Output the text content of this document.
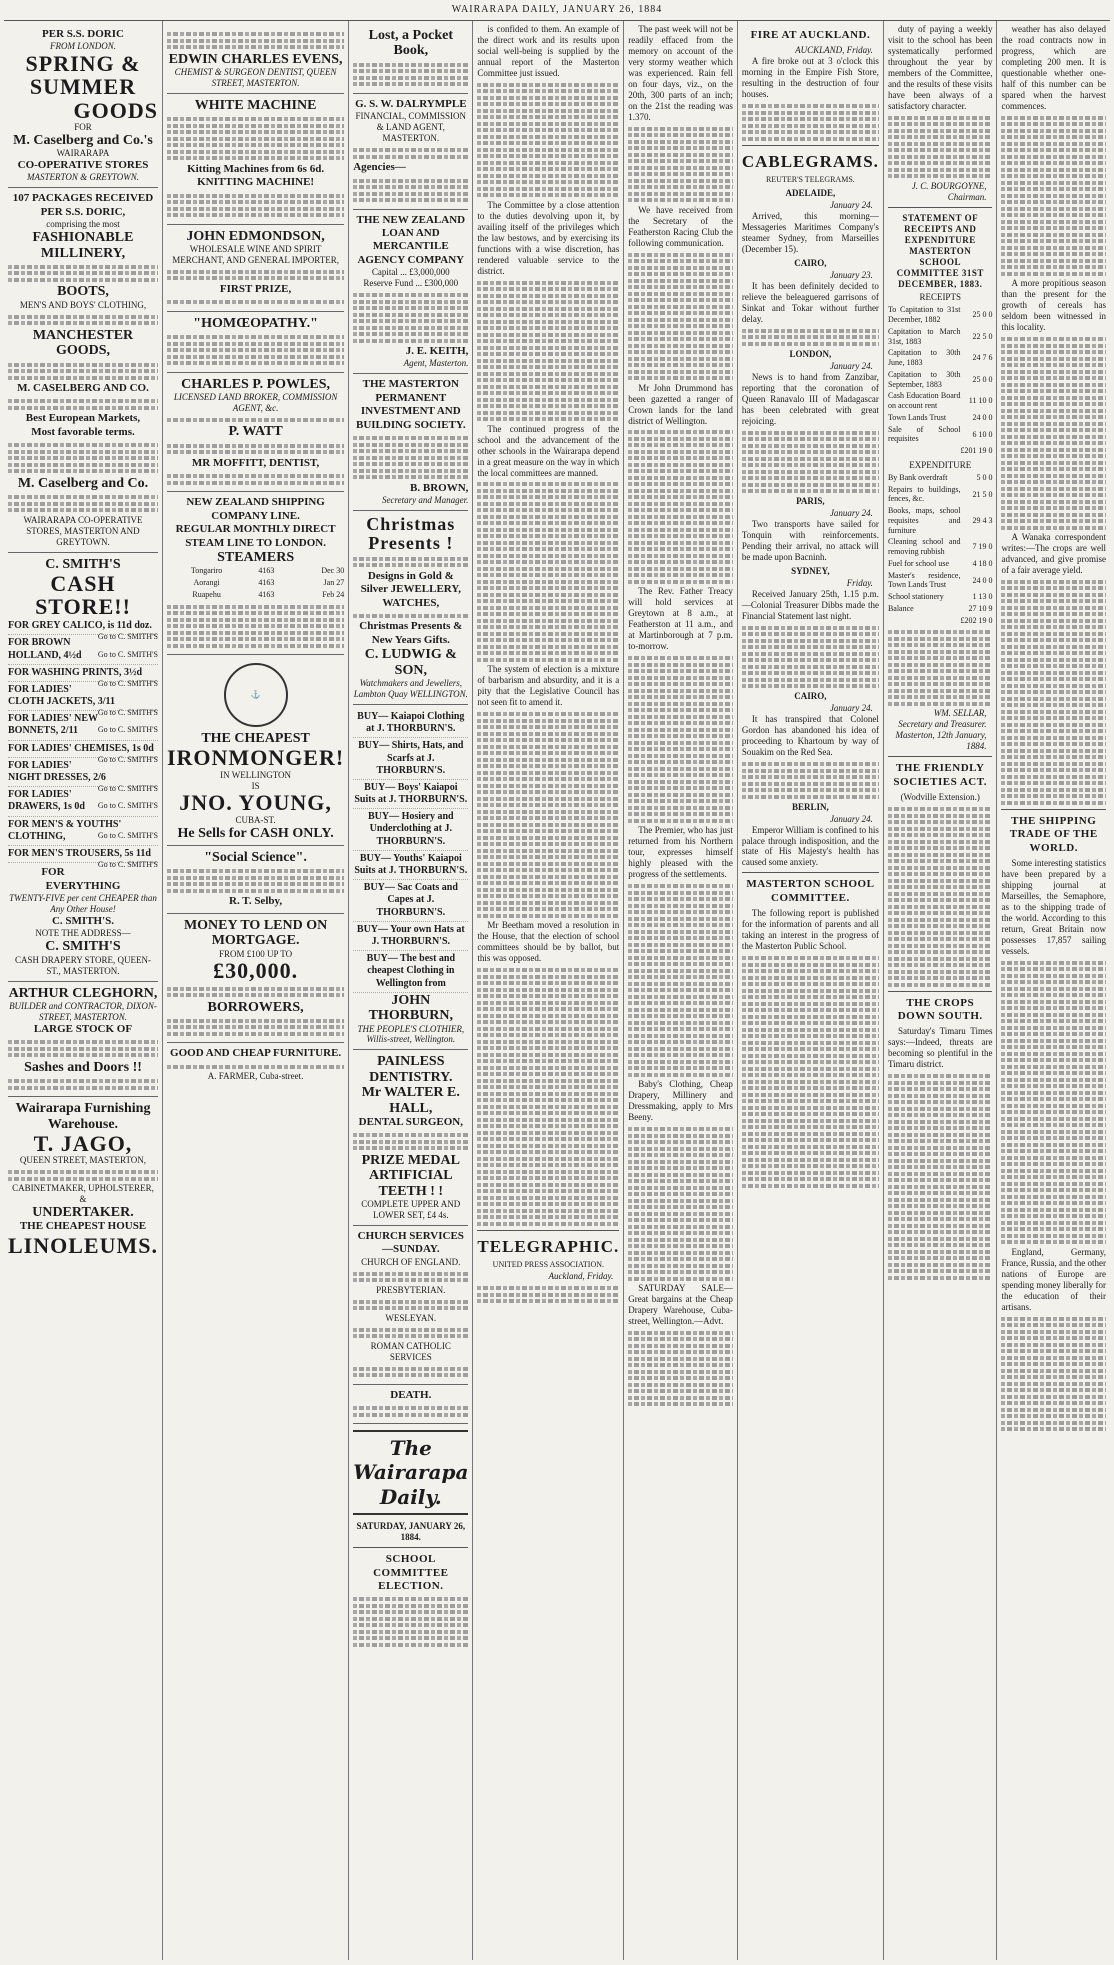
WAIRARAPA DAILY, JANUARY 26, 1884

PER S.S. DORIC

FROM LONDON.

SPRING &

SUMMER

GOODS

FOR

M. Caselberg and Co.'s

WAIRARAPA

CO-OPERATIVE STORES

MASTERTON & GREYTOWN.

107 PACKAGES RECEIVED PER S.S. DORIC,

comprising the most

FASHIONABLE MILLINERY,

BOOTS,

MEN'S AND BOYS' CLOTHING,

MANCHESTER GOODS,

M. CASELBERG AND CO.

Best European Markets,

Most favorable terms.

M. Caselberg and Co.

WAIRARAPA CO-OPERATIVE STORES, MASTERTON AND GREYTOWN.

C. SMITH'S

CASH STORE!!

FOR GREY CALICO, is 11d doz.
Go to C. SMITH'S
FOR BROWN HOLLAND, 4½d Go to C. SMITH'S
FOR WASHING PRINTS, 3½d
Go to C. SMITH'S
FOR LADIES' CLOTH JACKETS, 3/11
Go to C. SMITH'S
FOR LADIES' NEW BONNETS, 2/11 Go to C. SMITH'S
FOR LADIES' CHEMISES, 1s 0d
Go to C. SMITH'S
FOR LADIES' NIGHT DRESSES, 2/6
Go to C. SMITH'S
FOR LADIES' DRAWERS, 1s 0d Go to C. SMITH'S
FOR MEN'S & YOUTHS' CLOTHING,	Go to C. SMITH'S
FOR MEN'S TROUSERS, 5s 11d
Go to C. SMITH'S

FOR EVERYTHING

TWENTY-FIVE per cent CHEAPER than Any Other House!

C. SMITH'S.

NOTE THE ADDRESS—

C. SMITH'S

CASH DRAPERY STORE, QUEEN-ST., MASTERTON.

ARTHUR CLEGHORN,

BUILDER and CONTRACTOR, DIXON-STREET, MASTERTON.

LARGE STOCK OF

Sashes and Doors !!

Wairarapa Furnishing Warehouse.

T. JAGO,

QUEEN STREET, MASTERTON,

CABINETMAKER, UPHOLSTERER, &

UNDERTAKER.

THE CHEAPEST HOUSE

LINOLEUMS.

EDWIN CHARLES EVENS,

CHEMIST & SURGEON DENTIST, QUEEN STREET, MASTERTON.

WHITE MACHINE

Kitting Machines from 6s 6d.

KNITTING MACHINE!

JOHN EDMONDSON,

WHOLESALE WINE AND SPIRIT MERCHANT, AND GENERAL IMPORTER,

FIRST PRIZE,

"HOMŒOPATHY."

CHARLES P. POWLES,

LICENSED LAND BROKER, COMMISSION AGENT, &c.

P. WATT

MR MOFFITT, DENTIST,

NEW ZEALAND SHIPPING COMPANY LINE.

REGULAR MONTHLY DIRECT STEAM LINE TO LONDON.

STEAMERS

Tongariro	4163	Dec 30
Aorangi	4163	Jan 27
Ruapehu	4163	Feb 24
⚓

THE CHEAPEST

IRONMONGER!

IN WELLINGTON

IS

JNO. YOUNG,

CUBA-ST.

He Sells for CASH ONLY.

"Social Science".

R. T. Selby,

MONEY TO LEND ON MORTGAGE.

FROM £100 UP TO

£30,000.

BORROWERS,

GOOD AND CHEAP FURNITURE.

A. FARMER, Cuba-street.

Lost, a Pocket Book,

G. S. W. DALRYMPLE

FINANCIAL, COMMISSION & LAND AGENT, MASTERTON.

Agencies—

THE NEW ZEALAND LOAN AND MERCANTILE AGENCY COMPANY

Capital ... £3,000,000

Reserve Fund ... £300,000

J. E. KEITH,

Agent, Masterton.

THE MASTERTON PERMANENT INVESTMENT AND BUILDING SOCIETY.

B. BROWN,

Secretary and Manager.

Christmas Presents !

Designs in Gold & Silver JEWELLERY, WATCHES,

Christmas Presents & New Years Gifts.

C. LUDWIG & SON,

Watchmakers and Jewellers, Lambton Quay WELLINGTON.

BUY— Kaiapoi Clothing at J. THORBURN'S.

BUY— Shirts, Hats, and Scarfs at J. THORBURN'S.

BUY— Boys' Kaiapoi Suits at J. THORBURN'S.

BUY— Hosiery and Underclothing at J. THORBURN'S.

BUY— Youths' Kaiapoi Suits at J. THORBURN'S.

BUY— Sac Coats and Capes at J. THORBURN'S.

BUY— Your own Hats at J. THORBURN'S.

BUY— The best and cheapest Clothing in Wellington from

JOHN THORBURN,

THE PEOPLE'S CLOTHIER, Willis-street, Wellington.

PAINLESS DENTISTRY.

Mr WALTER E. HALL,

DENTAL SURGEON,

PRIZE MEDAL ARTIFICIAL TEETH ! !

COMPLETE UPPER AND LOWER SET, £4 4s.

CHURCH SERVICES—SUNDAY.

CHURCH OF ENGLAND.

PRESBYTERIAN.

WESLEYAN.

ROMAN CATHOLIC SERVICES

DEATH.

The Wairarapa Daily.

SATURDAY, JANUARY 26, 1884.

SCHOOL COMMITTEE ELECTION.

is confided to them. An example of the direct work and its results upon social well-being is supplied by the annual report of the Masterton Committee just issued.

The Committee by a close attention to the duties devolving upon it, by availing itself of the privileges which the law bestows, and by exercising its functions with a wise discretion, has rendered valuable service to the district.

The continued progress of the school and the advancement of the other schools in the Wairarapa depend in a great measure on the way in which the local committees are manned.

The system of election is a mixture of barbarism and absurdity, and it is a pity that the Legislative Council has not seen fit to amend it.

Mr Beetham moved a resolution in the House, that the election of school committees should be by ballot, but this was opposed.

TELEGRAPHIC.

UNITED PRESS ASSOCIATION.

Auckland, Friday.

The past week will not be readily effaced from the memory on account of the very stormy weather which was experienced. Rain fell on four days, viz., on the 20th, 300 parts of an inch; on the 21st the reading was 1.370.

We have received from the Secretary of the Featherston Racing Club the following communication.

Mr John Drummond has been gazetted a ranger of Crown lands for the land district of Wellington.

The Rev. Father Treacy will hold services at Greytown at 8 a.m., at Featherston at 11 a.m., and at Martinborough at 7 p.m. to-morrow.

The Premier, who has just returned from his Northern tour, expresses himself highly pleased with the progress of the settlements.

Baby's Clothing, Cheap Drapery, Millinery and Dressmaking, apply to Mrs Beeny.

SATURDAY SALE—Great bargains at the Cheap Drapery Warehouse, Cuba-street, Wellington.—Advt.

FIRE AT AUCKLAND.

AUCKLAND, Friday.

A fire broke out at 3 o'clock this morning in the Empire Fish Store, resulting in the destruction of four houses.

CABLEGRAMS.

REUTER'S TELEGRAMS.

ADELAIDE,

January 24.

Arrived, this morning—Messageries Maritimes Company's steamer Sydney, from Marseilles (December 15).

CAIRO,

January 23.

It has been definitely decided to relieve the beleaguered garrisons of Sinkat and Tokar without further delay.

LONDON,

January 24.

News is to hand from Zanzibar, reporting that the coronation of Queen Ranavalo III of Madagascar has been celebrated with great rejoicing.

PARIS,

January 24.

Two transports have sailed for Tonquin with reinforcements. Pending their arrival, no attack will be made upon Bacninh.

SYDNEY,

Friday.

Received January 25th, 1.15 p.m.—Colonial Treasurer Dibbs made the Financial Statement last night.

CAIRO,

January 24.

It has transpired that Colonel Gordon has abandoned his idea of proceeding to Khartoum by way of Souakim on the Red Sea.

BERLIN,

January 24.

Emperor William is confined to his palace through indisposition, and the state of His Majesty's health has caused some anxiety.

MASTERTON SCHOOL COMMITTEE.

The following report is published for the information of parents and all taking an interest in the progress of the Masterton Public School.

duty of paying a weekly visit to the school has been systematically performed throughout the year by members of the Committee, and the results of these visits have been always of a satisfactory character.

J. C. BOURGOYNE, Chairman.

STATEMENT OF RECEIPTS AND EXPENDITURE MASTERTON SCHOOL COMMITTEE 31ST DECEMBER, 1883.

RECEIPTS

To Capitation to 31st December, 1882	25 0 0
Capitation to March 31st, 1883	22 5 0
Capitation to 30th June, 1883	24 7 6
Capitation to 30th September, 1883	25 0 0
Cash Education Board on account rent	11 10 0
Town Lands Trust	24 0 0
Sale of School requisites	6 10 0
	£201 19 0

EXPENDITURE

By Bank overdraft	5 0 0
Repairs to buildings, fences, &c.	21 5 0
Books, maps, school requisites and furniture	29 4 3
Cleaning school and removing rubbish	7 19 0
Fuel for school use	4 18 0
Master's residence, Town Lands Trust	24 0 0
School stationery	1 13 0
Balance	27 10 9
	£202 19 0

WM. SELLAR,

Secretary and Treasurer. Masterton, 12th January, 1884.

THE FRIENDLY SOCIETIES ACT.

(Wodville Extension.)

THE CROPS DOWN SOUTH.

Saturday's Timaru Times says:—Indeed, threats are becoming so plentiful in the Timaru district.

weather has also delayed the road contracts now in progress, which are completing 200 men. It is questionable whether one-half of this number can be spared when the harvest commences.

A more propitious season than the present for the growth of cereals has seldom been witnessed in this locality.

A Wanaka correspondent writes:—The crops are well advanced, and give promise of a fair average yield.

THE SHIPPING TRADE OF THE WORLD.

Some interesting statistics have been prepared by a shipping journal at Marseilles, the Semaphore, as to the shipping trade of the world. According to this return, Great Britain now possesses 17,857 sailing vessels.

England, Germany, France, Russia, and the other nations of Europe are spending money liberally for the education of their artisans.
